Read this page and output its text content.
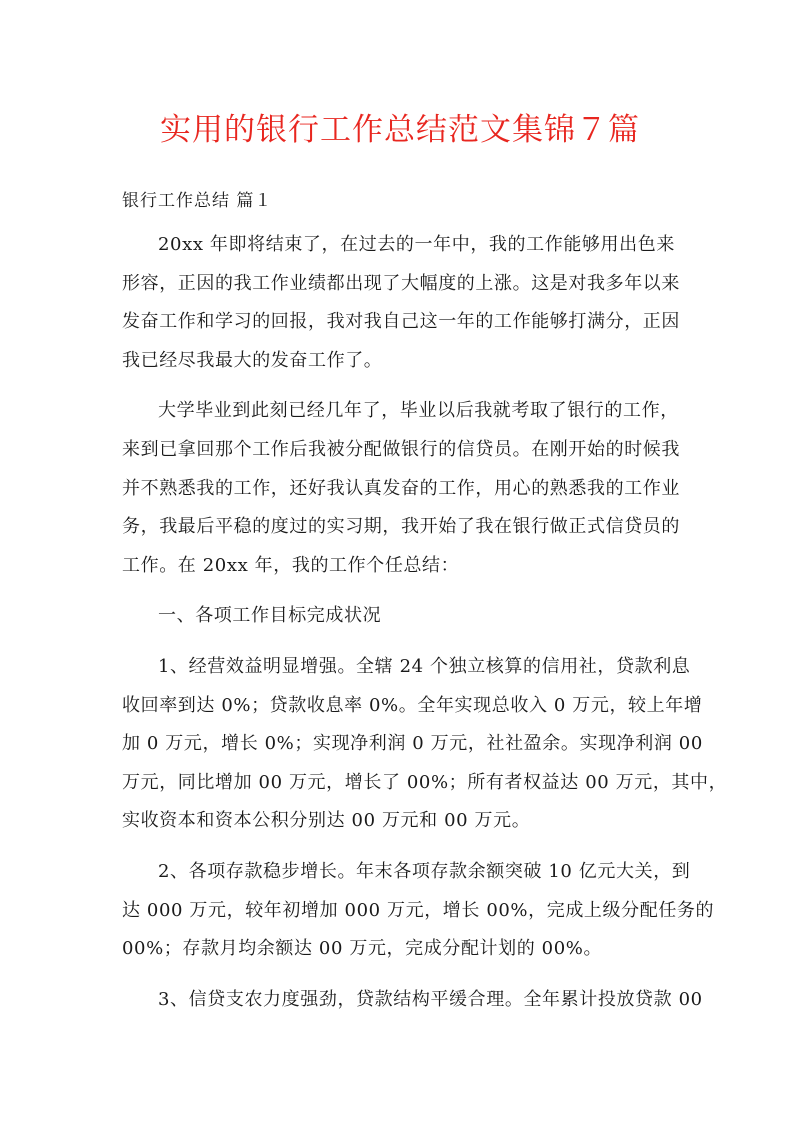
实用的银行工作总结范文集锦７篇
银行工作总结 篇１

20xx 年即将结束了，在过去的一年中，我的工作能够用出色来
形容，正因的我工作业绩都出现了大幅度的上涨。这是对我多年以来
发奋工作和学习的回报，我对我自己这一年的工作能够打满分，正因
我已经尽我最大的发奋工作了。

大学毕业到此刻已经几年了，毕业以后我就考取了银行的工作，
来到已拿回那个工作后我被分配做银行的信贷员。在刚开始的时候我
并不熟悉我的工作，还好我认真发奋的工作，用心的熟悉我的工作业
务，我最后平稳的度过的实习期，我开始了我在银行做正式信贷员的
工作。在 20xx 年，我的工作个任总结：

一、各项工作目标完成状况

1、经营效益明显增强。全辖 24 个独立核算的信用社，贷款利息
收回率到达 0%；贷款收息率 0%。全年实现总收入 0 万元，较上年增
加 0 万元，增长 0%；实现净利润 0 万元，社社盈余。实现净利润 00
万元，同比增加 00 万元，增长了 00%；所有者权益达 00 万元，其中，
实收资本和资本公积分别达 00 万元和 00 万元。

2、各项存款稳步增长。年末各项存款余额突破 10 亿元大关，到
达 000 万元，较年初增加 000 万元，增长 00%，完成上级分配任务的
00%；存款月均余额达 00 万元，完成分配计划的 00%。

3、信贷支农力度强劲，贷款结构平缓合理。全年累计投放贷款 00
